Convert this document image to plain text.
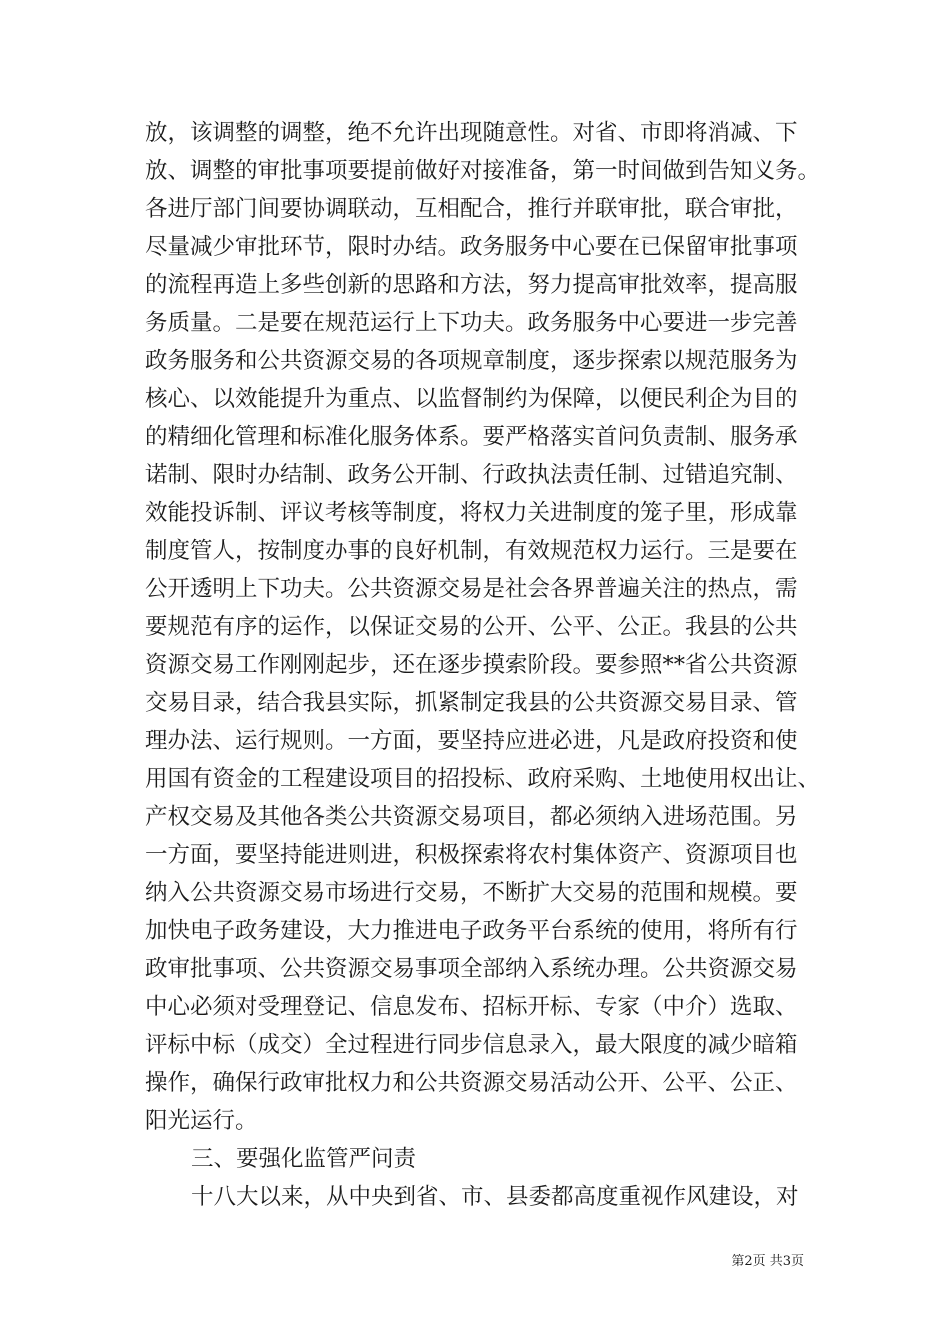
放，该调整的调整，绝不允许出现随意性。对省、市即将消减、下
放、调整的审批事项要提前做好对接准备，第一时间做到告知义务。
各进厅部门间要协调联动，互相配合，推行并联审批，联合审批，
尽量减少审批环节，限时办结。政务服务中心要在已保留审批事项
的流程再造上多些创新的思路和方法，努力提高审批效率，提高服
务质量。二是要在规范运行上下功夫。政务服务中心要进一步完善
政务服务和公共资源交易的各项规章制度，逐步探索以规范服务为
核心、以效能提升为重点、以监督制约为保障，以便民利企为目的
的精细化管理和标准化服务体系。要严格落实首问负责制、服务承
诺制、限时办结制、政务公开制、行政执法责任制、过错追究制、
效能投诉制、评议考核等制度，将权力关进制度的笼子里，形成靠
制度管人，按制度办事的良好机制，有效规范权力运行。三是要在
公开透明上下功夫。公共资源交易是社会各界普遍关注的热点，需
要规范有序的运作，以保证交易的公开、公平、公正。我县的公共
资源交易工作刚刚起步，还在逐步摸索阶段。要参照**省公共资源
交易目录，结合我县实际，抓紧制定我县的公共资源交易目录、管
理办法、运行规则。一方面，要坚持应进必进，凡是政府投资和使
用国有资金的工程建设项目的招投标、政府采购、土地使用权出让、
产权交易及其他各类公共资源交易项目，都必须纳入进场范围。另
一方面，要坚持能进则进，积极探索将农村集体资产、资源项目也
纳入公共资源交易市场进行交易，不断扩大交易的范围和规模。要
加快电子政务建设，大力推进电子政务平台系统的使用，将所有行
政审批事项、公共资源交易事项全部纳入系统办理。公共资源交易
中心必须对受理登记、信息发布、招标开标、专家（中介）选取、
评标中标（成交）全过程进行同步信息录入，最大限度的减少暗箱
操作，确保行政审批权力和公共资源交易活动公开、公平、公正、
阳光运行。
三、要强化监管严问责
十八大以来，从中央到省、市、县委都高度重视作风建设，对
第2页 共3页
